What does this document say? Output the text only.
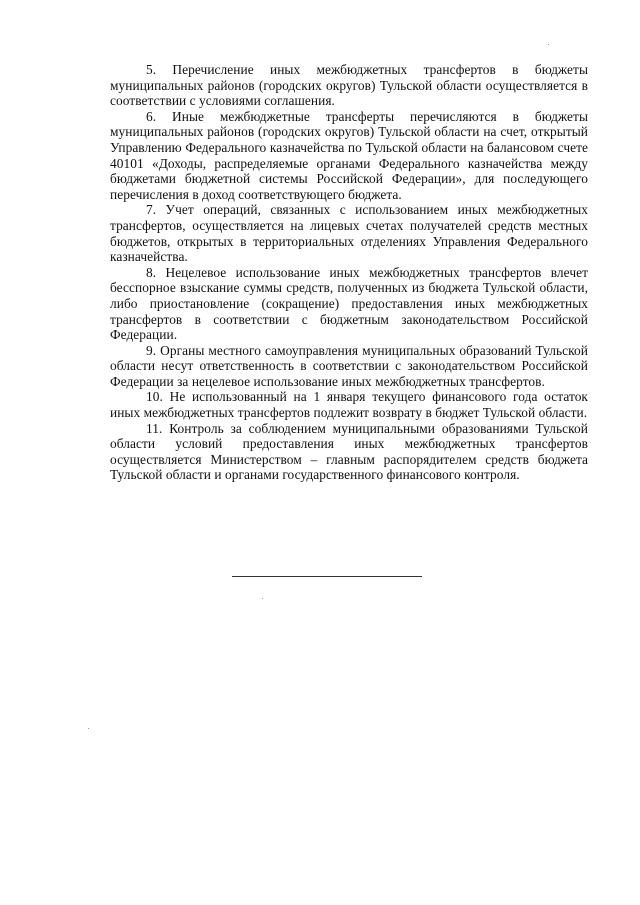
5. Перечисление иных межбюджетных трансфертов в бюджеты муниципальных районов (городских округов) Тульской области осуществляется в соответствии с условиями соглашения.

6. Иные межбюджетные трансферты перечисляются в бюджеты муниципальных районов (городских округов) Тульской области на счет, открытый Управлению Федерального казначейства по Тульской области на балансовом счете 40101 «Доходы, распределяемые органами Федерального казначейства между бюджетами бюджетной системы Российской Федерации», для последующего перечисления в доход соответствующего бюджета.

7. Учет операций, связанных с использованием иных межбюджетных трансфертов, осуществляется на лицевых счетах получателей средств местных бюджетов, открытых в территориальных отделениях Управления Федерального казначейства.

8. Нецелевое использование иных межбюджетных трансфертов влечет бесспорное взыскание суммы средств, полученных из бюджета Тульской области, либо приостановление (сокращение) предоставления иных межбюджетных трансфертов в соответствии с бюджетным законодательством Российской Федерации.

9. Органы местного самоуправления муниципальных образований Тульской области несут ответственность в соответствии с законодательством Российской Федерации за нецелевое использование иных межбюджетных трансфертов.

10. Не использованный на 1 января текущего финансового года остаток иных межбюджетных трансфертов подлежит возврату в бюджет Тульской области.

11. Контроль за соблюдением муниципальными образованиями Тульской области условий предоставления иных межбюджетных трансфертов осуществляется Министерством – главным распорядителем средств бюджета Тульской области и органами государственного финансового контроля.
